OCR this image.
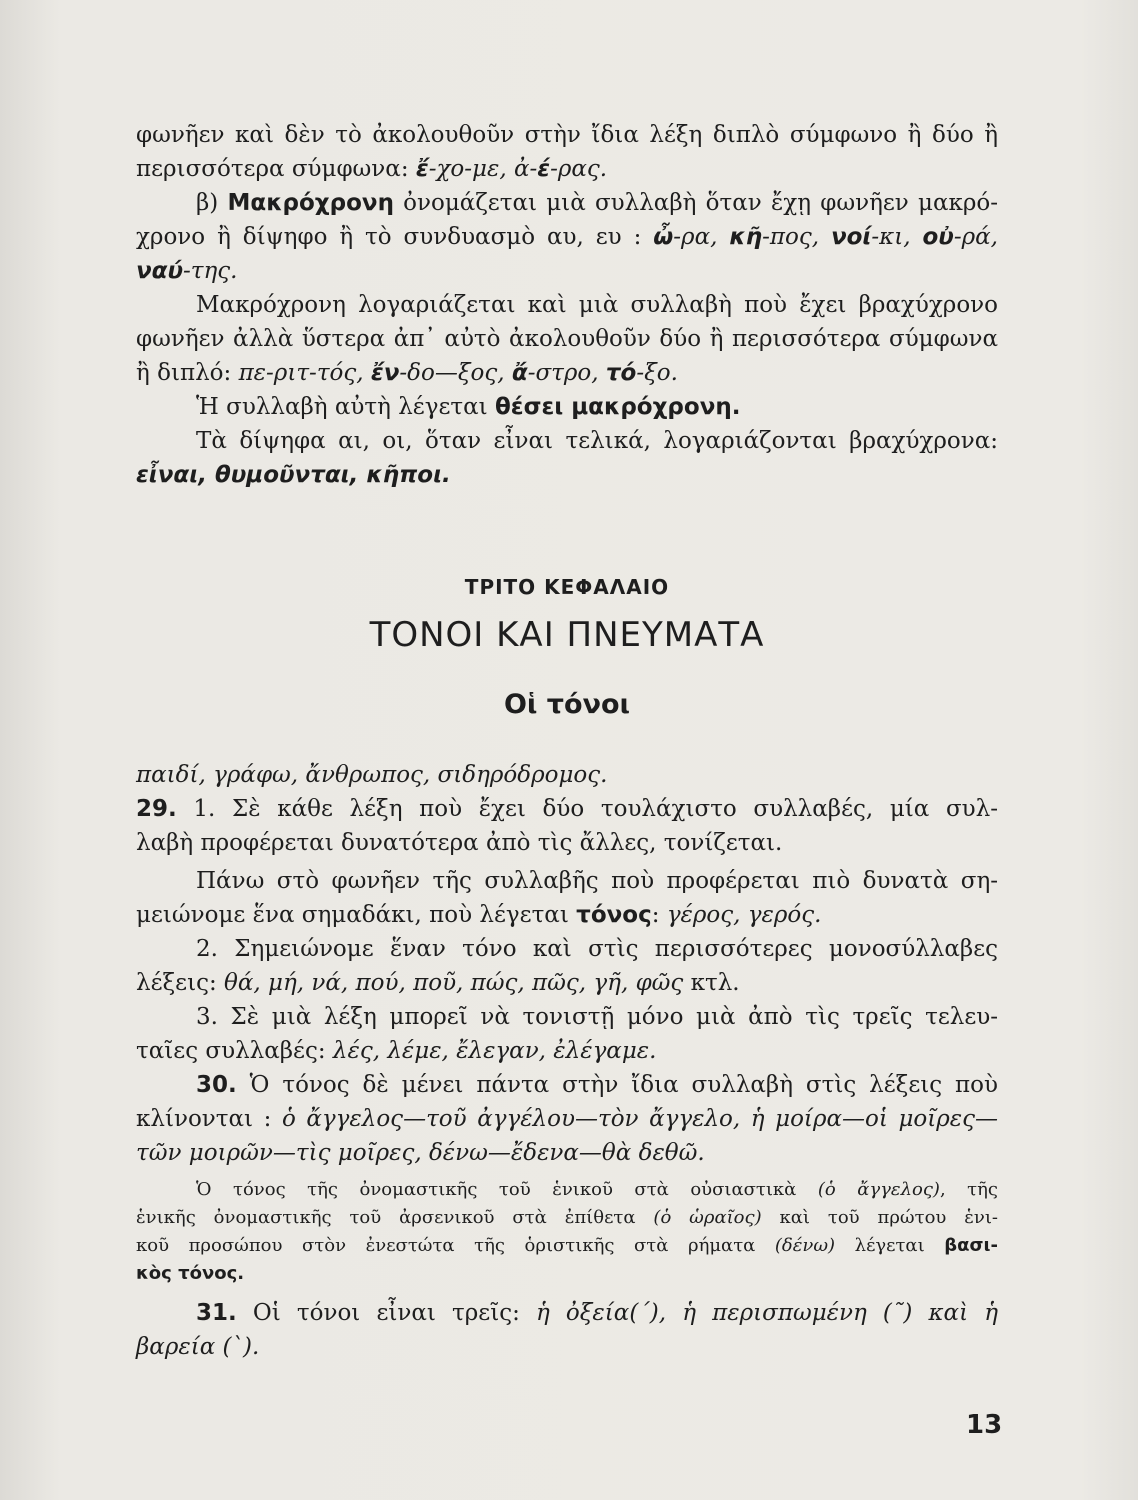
φωνῆεν καὶ δὲν τὸ ἀκολουθοῦν στὴν ἴδια λέξη διπλὸ σύμφωνο ἢ δύο ἢ
περισσότερα σύμφωνα: ἔ-χο-με, ἀ-έ-ρας.
β) Μακρόχρονη ὀνομάζεται μιὰ συλλαβὴ ὅταν ἔχῃ φωνῆεν μακρό-
χρονο ἢ δίψηφο ἢ τὸ συνδυασμὸ αυ, ευ : ὦ-ρα, κῆ-πος, νοί-κι, οὐ-ρά,
ναύ-της.
Μακρόχρονη λογαριάζεται καὶ μιὰ συλλαβὴ ποὺ ἔχει βραχύχρονο
φωνῆεν ἀλλὰ ὕστερα ἀπ᾿ αὐτὸ ἀκολουθοῦν δύο ἢ περισσότερα σύμφωνα
ἢ διπλό: πε-ριτ-τός, ἔν-δο—ξος, ἄ-στρο, τό-ξο.
Ἡ συλλαβὴ αὐτὴ λέγεται θέσει μακρόχρονη.
Τὰ δίψηφα αι, οι, ὅταν εἶναι τελικά, λογαριάζονται βραχύχρονα:
εἶναι, θυμοῦνται, κῆποι.
ΤΡΙΤΟ ΚΕΦΑΛΑΙΟ
ΤΟΝΟΙ ΚΑΙ ΠΝΕΥΜΑΤΑ
Οἱ τόνοι
παιδί, γράφω, ἄνθρωπος, σιδηρόδρομος.
29. 1. Σὲ κάθε λέξη ποὺ ἔχει δύο τουλάχιστο συλλαβές, μία συλ-
λαβὴ προφέρεται δυνατότερα ἀπὸ τὶς ἄλλες, τονίζεται.
Πάνω στὸ φωνῆεν τῆς συλλαβῆς ποὺ προφέρεται πιὸ δυνατὰ ση-
μειώνομε ἕνα σημαδάκι, ποὺ λέγεται τόνος: γέρος, γερός.
2. Σημειώνομε ἕναν τόνο καὶ στὶς περισσότερες μονοσύλλαβες
λέξεις: θά, μή, νά, πού, ποῦ, πώς, πῶς, γῆ, φῶς κτλ.
3. Σὲ μιὰ λέξη μπορεῖ νὰ τονιστῇ μόνο μιὰ ἀπὸ τὶς τρεῖς τελευ-
ταῖες συλλαβές: λές, λέμε, ἔλεγαν, ἐλέγαμε.
30. Ὁ τόνος δὲ μένει πάντα στὴν ἴδια συλλαβὴ στὶς λέξεις ποὺ
κλίνονται : ὁ ἄγγελος—τοῦ ἀγγέλου—τὸν ἄγγελο, ἡ μοίρα—οἱ μοῖρες—
τῶν μοιρῶν—τὶς μοῖρες, δένω—ἔδενα—θὰ δεθῶ.
Ὁ τόνος τῆς ὀνομαστικῆς τοῦ ἑνικοῦ στὰ οὐσιαστικὰ (ὁ ἄγγελος), τῆς
ἑνικῆς ὀνομαστικῆς τοῦ ἀρσενικοῦ στὰ ἐπίθετα (ὁ ὡραῖος) καὶ τοῦ πρώτου ἑνι-
κοῦ προσώπου στὸν ἐνεστώτα τῆς ὁριστικῆς στὰ ρήματα (δένω) λέγεται βασι-
κὸς τόνος.
31. Οἱ τόνοι εἶναι τρεῖς: ἡ ὀξεία(΄), ἡ περισπωμένη (῀) καὶ ἡ
βαρεία (`).
13
